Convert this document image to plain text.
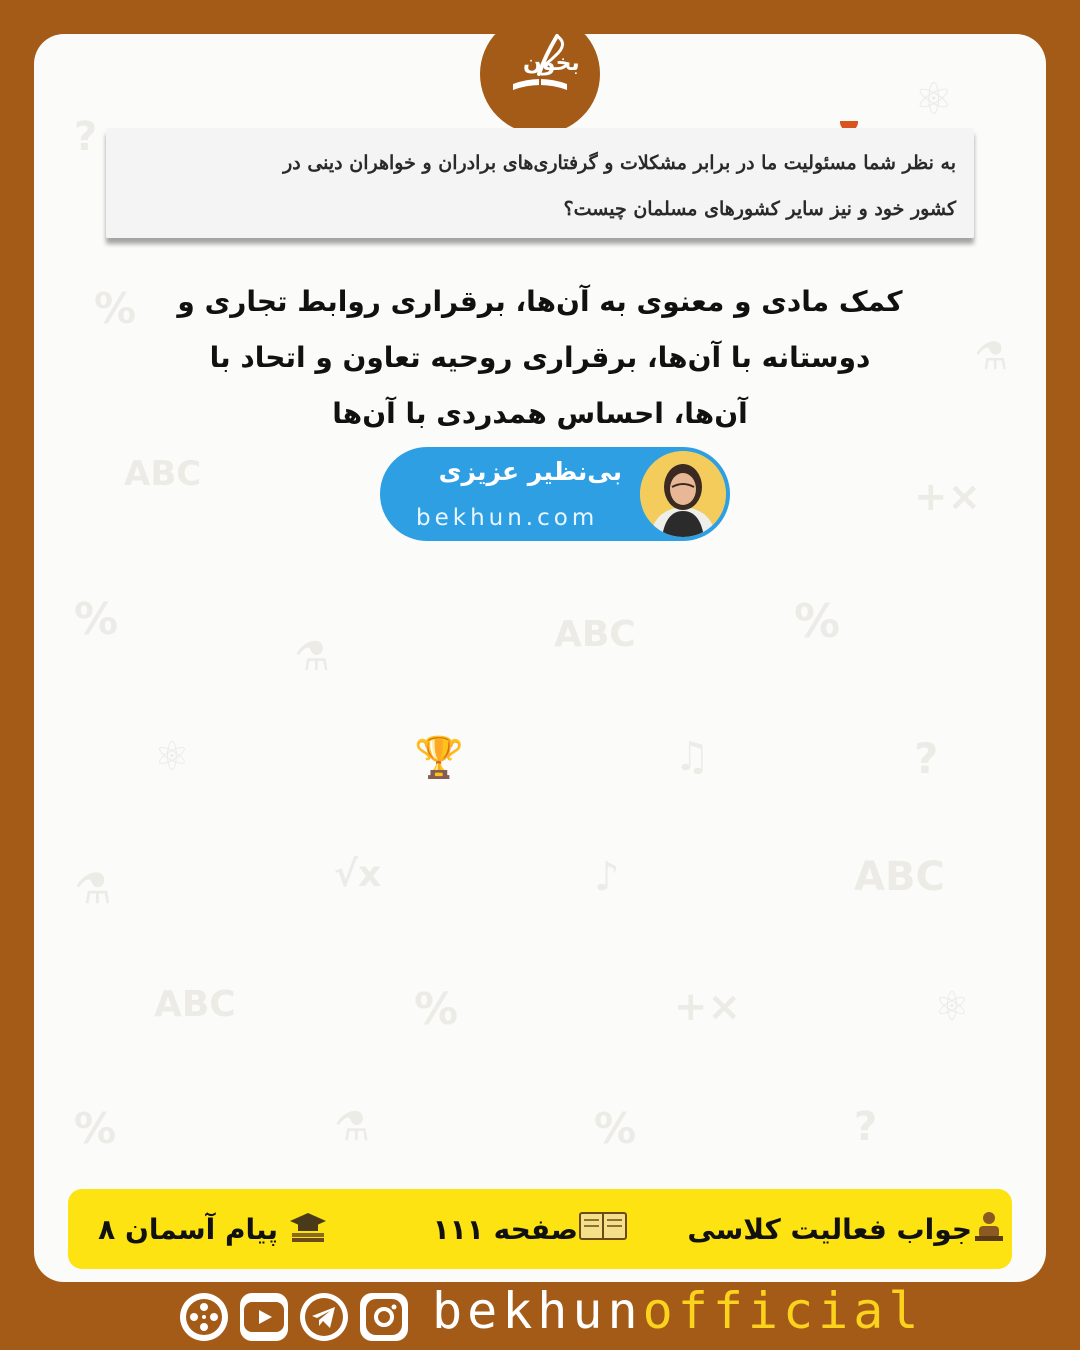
?
⚛
%
⚗
ABC	+×
%
⚗	ABC	%
⚛	🏆	♫	?
⚗	√x	♪	ABC
ABC	%	+×	⚛
%	⚗	%	?
بخون
به نظر شما مسئولیت ما در برابر مشکلات و گرفتاری‌های برادران و خواهران دینی در
کشور خود و نیز سایر کشورهای مسلمان چیست؟
کمک مادی و معنوی به آن‌ها، برقراری روابط تجاری و
دوستانه با آن‌ها، برقراری روحیه تعاون و اتحاد با
آن‌ها، احساس همدردی با آن‌ها
بی‌نظیر عزیزی
bekhun.com
جواب فعالیت کلاسی
صفحه ۱۱۱
پیام آسمان ۸
bekhunofficial
